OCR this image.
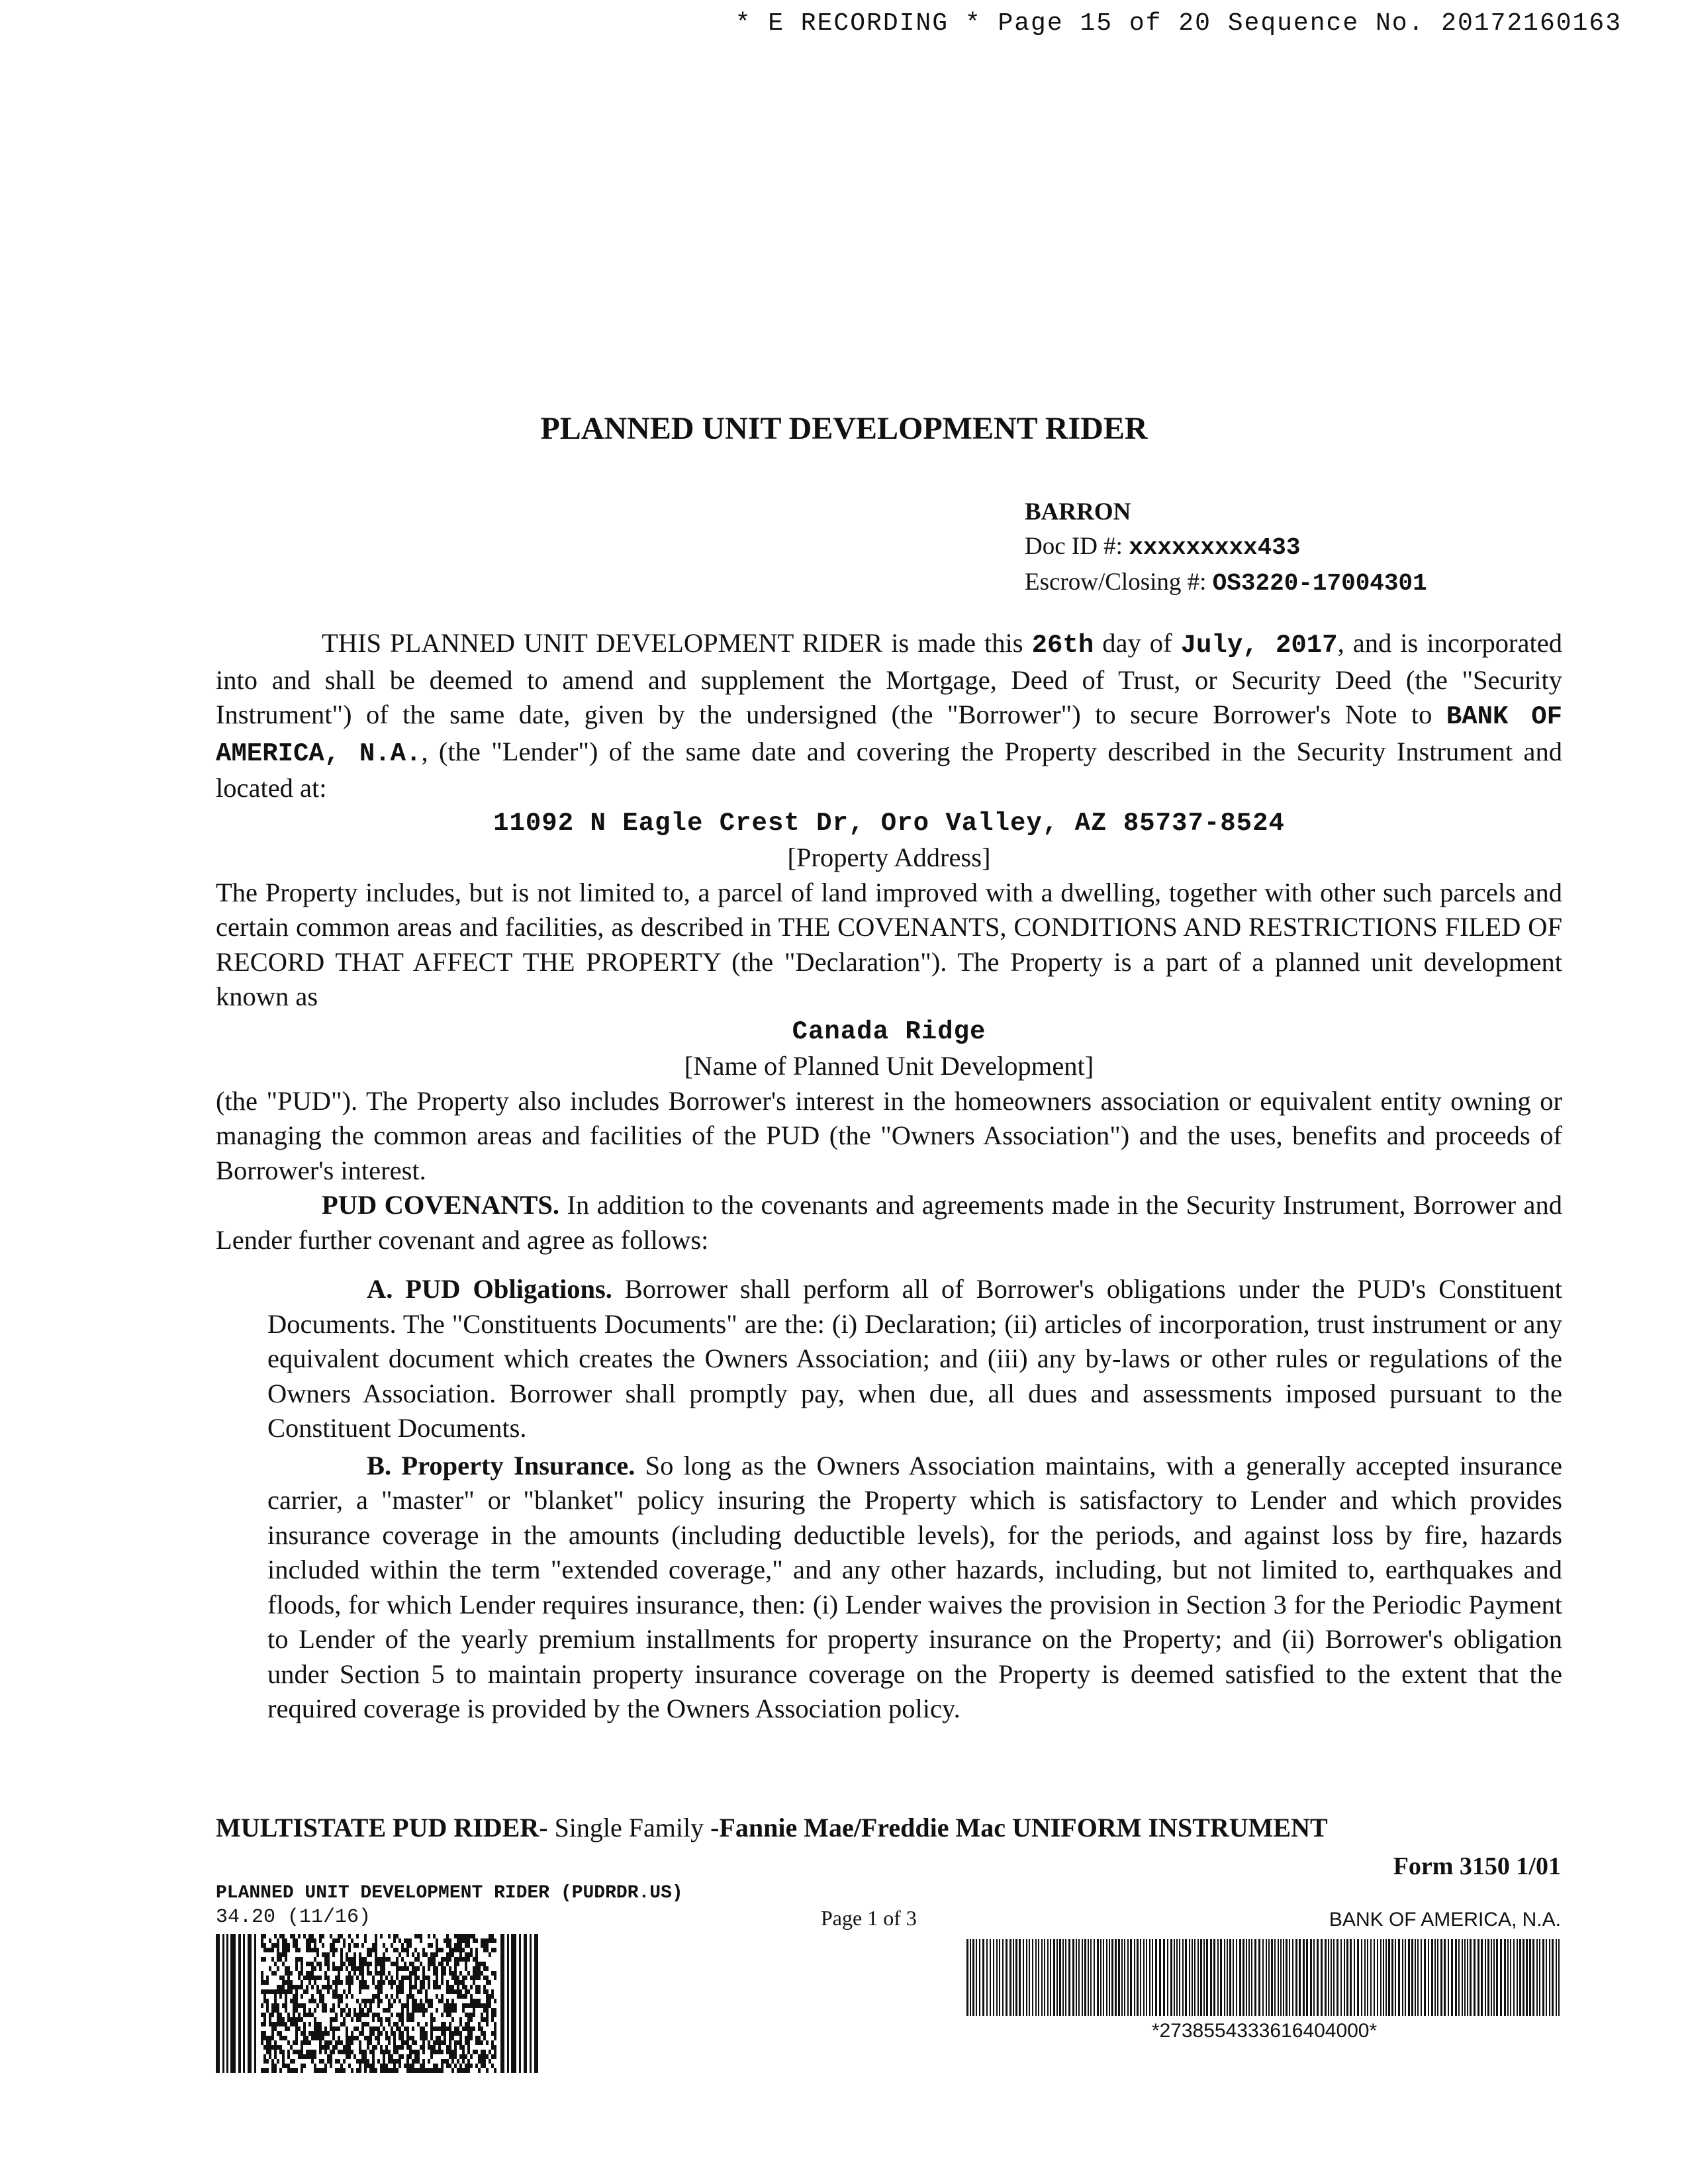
* E RECORDING * Page 15 of 20 Sequence No. 20172160163
PLANNED UNIT DEVELOPMENT RIDER
BARRON
Doc ID #: xxxxxxxxx433
Escrow/Closing #: OS3220-17004301

THIS PLANNED UNIT DEVELOPMENT RIDER is made this 26th day of July, 2017, and is incorporated into and shall be deemed to amend and supplement the Mortgage, Deed of Trust, or Security Deed (the "Security Instrument") of the same date, given by the undersigned (the "Borrower") to secure Borrower's Note to BANK OF AMERICA, N.A., (the "Lender") of the same date and covering the Property described in the Security Instrument and located at:

11092 N Eagle Crest Dr, Oro Valley, AZ 85737-8524

[Property Address]

The Property includes, but is not limited to, a parcel of land improved with a dwelling, together with other such parcels and certain common areas and facilities, as described in THE COVENANTS, CONDITIONS AND RESTRICTIONS FILED OF RECORD THAT AFFECT THE PROPERTY (the "Declaration"). The Property is a part of a planned unit development known as

Canada Ridge

[Name of Planned Unit Development]

(the "PUD"). The Property also includes Borrower's interest in the homeowners association or equivalent entity owning or managing the common areas and facilities of the PUD (the "Owners Association") and the uses, benefits and proceeds of Borrower's interest.

PUD COVENANTS. In addition to the covenants and agreements made in the Security Instrument, Borrower and Lender further covenant and agree as follows:

A. PUD Obligations. Borrower shall perform all of Borrower's obligations under the PUD's Constituent Documents. The "Constituents Documents" are the: (i) Declaration; (ii) articles of incorporation, trust instrument or any equivalent document which creates the Owners Association; and (iii) any by-laws or other rules or regulations of the Owners Association. Borrower shall promptly pay, when due, all dues and assessments imposed pursuant to the Constituent Documents.

B. Property Insurance. So long as the Owners Association maintains, with a generally accepted insurance carrier, a "master" or "blanket" policy insuring the Property which is satisfactory to Lender and which provides insurance coverage in the amounts (including deductible levels), for the periods, and against loss by fire, hazards included within the term "extended coverage," and any other hazards, including, but not limited to, earthquakes and floods, for which Lender requires insurance, then: (i) Lender waives the provision in Section 3 for the Periodic Payment to Lender of the yearly premium installments for property insurance on the Property; and (ii) Borrower's obligation under Section 5 to maintain property insurance coverage on the Property is deemed satisfied to the extent that the required coverage is provided by the Owners Association policy.

MULTISTATE PUD RIDER- Single Family -Fannie Mae/Freddie Mac UNIFORM INSTRUMENT
Form 3150 1/01
PLANNED UNIT DEVELOPMENT RIDER (PUDRDR.US)
34.20 (11/16)	Page 1 of 3	BANK OF AMERICA, N.A.
*2738554333616404000*
